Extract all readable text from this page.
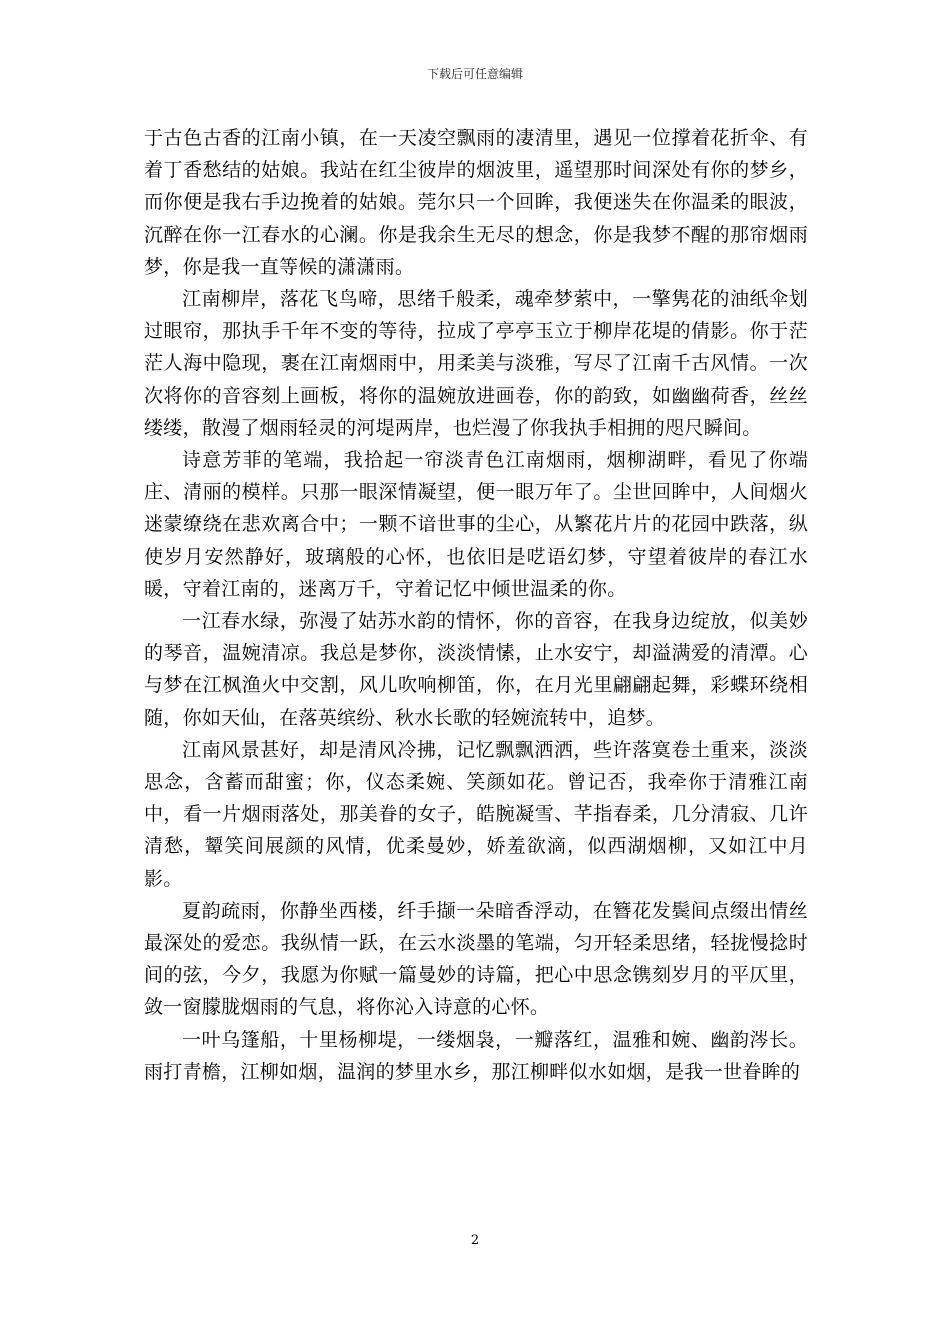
下载后可任意编辑

于古色古香的江南小镇，在一天凌空飘雨的凄清里，遇见一位撑着花折伞、有着丁香愁结的姑娘。我站在红尘彼岸的烟波里，遥望那时间深处有你的梦乡，而你便是我右手边挽着的姑娘。莞尔只一个回眸，我便迷失在你温柔的眼波，沉醉在你一江春水的心澜。你是我余生无尽的想念，你是我梦不醒的那帘烟雨梦，你是我一直等候的潇潇雨。

江南柳岸，落花飞鸟啼，思绪千般柔，魂牵梦萦中，一擎隽花的油纸伞划过眼帘，那执手千年不变的等待，拉成了亭亭玉立于柳岸花堤的倩影。你于茫茫人海中隐现，裹在江南烟雨中，用柔美与淡雅，写尽了江南千古风情。一次次将你的音容刻上画板，将你的温婉放进画卷，你的韵致，如幽幽荷香，丝丝缕缕，散漫了烟雨轻灵的河堤两岸，也烂漫了你我执手相拥的咫尺瞬间。

诗意芳菲的笔端，我拾起一帘淡青色江南烟雨，烟柳湖畔，看见了你端庄、清丽的模样。只那一眼深情凝望，便一眼万年了。尘世回眸中，人间烟火迷蒙缭绕在悲欢离合中；一颗不谙世事的尘心，从繁花片片的花园中跌落，纵使岁月安然静好，玻璃般的心怀，也依旧是呓语幻梦，守望着彼岸的春江水暖，守着江南的，迷离万千，守着记忆中倾世温柔的你。

一江春水绿，弥漫了姑苏水韵的情怀，你的音容，在我身边绽放，似美妙的琴音，温婉清凉。我总是梦你，淡淡情愫，止水安宁，却溢满爱的清潭。心与梦在江枫渔火中交割，风儿吹响柳笛，你，在月光里翩翩起舞，彩蝶环绕相随，你如天仙，在落英缤纷、秋水长歌的轻婉流转中，追梦。

江南风景甚好，却是清风冷拂，记忆飘飘洒洒，些许落寞卷土重来，淡淡思念，含蓄而甜蜜；你，仪态柔婉、笑颜如花。曾记否，我牵你于清雅江南中，看一片烟雨落处，那美眷的女子，皓腕凝雪、芊指春柔，几分清寂、几许清愁，颦笑间展颜的风情，优柔曼妙，娇羞欲滴，似西湖烟柳，又如江中月影。

夏韵疏雨，你静坐西楼，纤手撷一朵暗香浮动，在簪花发鬓间点缀出情丝最深处的爱恋。我纵情一跃，在云水淡墨的笔端，匀开轻柔思绪，轻拢慢捻时间的弦，今夕，我愿为你赋一篇曼妙的诗篇，把心中思念镌刻岁月的平仄里，敛一窗朦胧烟雨的气息，将你沁入诗意的心怀。

一叶乌篷船，十里杨柳堤，一缕烟袅，一瓣落红，温雅和婉、幽韵涔长。雨打青檐，江柳如烟，温润的梦里水乡，那江柳畔似水如烟，是我一世眷眸的

2
